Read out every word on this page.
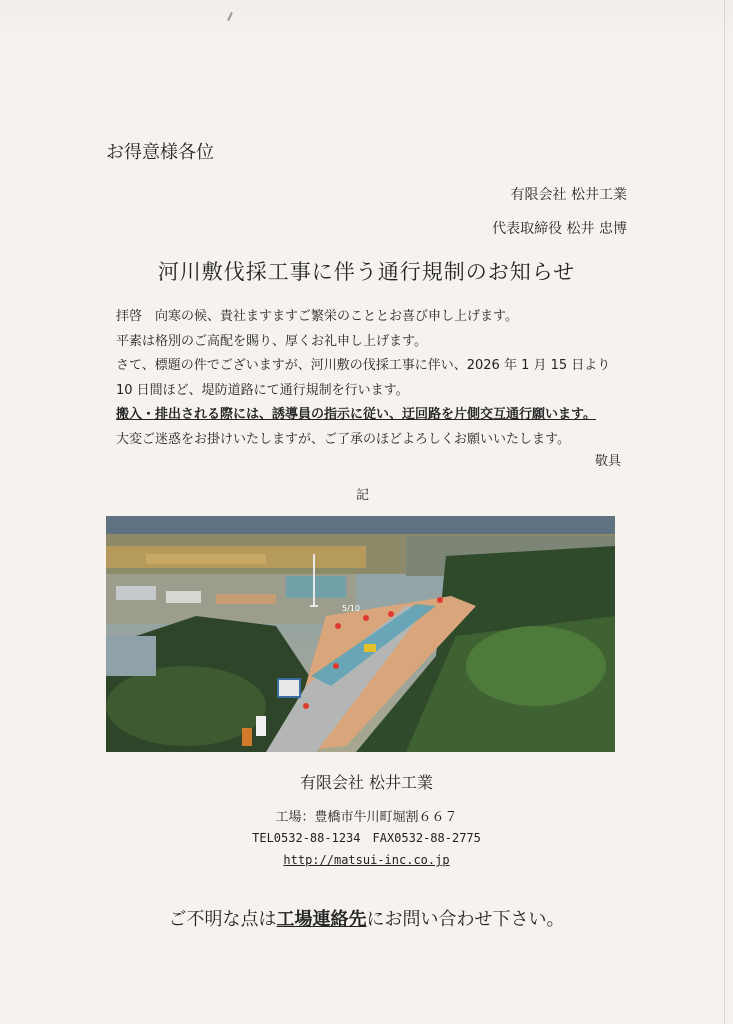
お得意様各位
有限会社 松井工業
代表取締役 松井 忠博
河川敷伐採工事に伴う通行規制のお知らせ

拝啓　向寒の候、貴社ますますご繁栄のこととお喜び申し上げます。

平素は格別のご高配を賜り、厚くお礼申し上げます。

さて、標題の件でございますが、河川敷の伐採工事に伴い、2026 年 1 月 15 日より

10 日間ほど、堤防道路にて通行規制を行います。

搬入・排出される際には、誘導員の指示に従い、迂回路を片側交互通行願います。

大変ご迷惑をお掛けいたしますが、ご了承のほどよろしくお願いいたします。

敬具
記
5/10
有限会社 松井工業
工場：豊橋市牛川町堀割６６７
TEL0532-88-1234　FAX0532-88-2775
http://matsui-inc.co.jp
ご不明な点は工場連絡先にお問い合わせ下さい。
